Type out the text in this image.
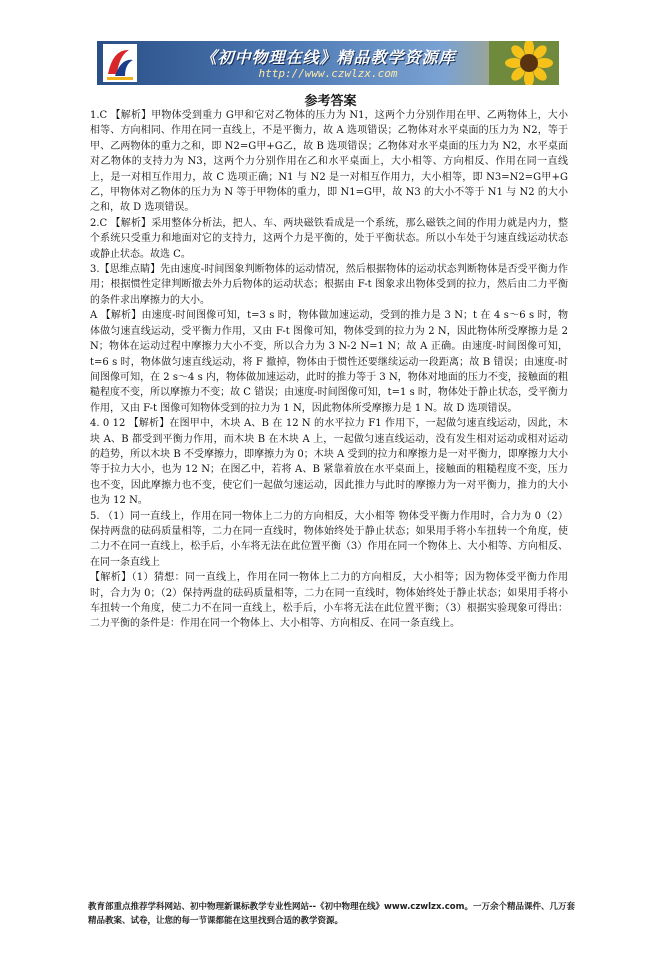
《初中物理在线》精品教学资源库
http://www.czwlzx.com
参考答案

1.C 【解析】甲物体受到重力 G甲和它对乙物体的压力为 N1，这两个力分别作用在甲、乙两物体上，大小相等、方向相同、作用在同一直线上，不是平衡力，故 A 选项错误；乙物体对水平桌面的压力为 N2，等于甲、乙两物体的重力之和，即 N2=G甲+G乙，故 B 选项错误；乙物体对水平桌面的压力为 N2，水平桌面对乙物体的支持力为 N3，这两个力分别作用在乙和水平桌面上，大小相等、方向相反、作用在同一直线上，是一对相互作用力，故 C 选项正确；N1 与 N2 是一对相互作用力，大小相等，即 N3=N2=G甲+G乙，甲物体对乙物体的压力为 N 等于甲物体的重力，即 N1=G甲，故 N3 的大小不等于 N1 与 N2 的大小之和，故 D 选项错误。

2.C 【解析】采用整体分析法，把人、车、两块磁铁看成是一个系统，那么磁铁之间的作用力就是内力，整个系统只受重力和地面对它的支持力，这两个力是平衡的，处于平衡状态。所以小车处于匀速直线运动状态或静止状态。故选 C。

3.【思维点睛】先由速度-时间图象判断物体的运动情况，然后根据物体的运动状态判断物体是否受平衡力作用；根据惯性定律判断撤去外力后物体的运动状态；根据由 F-t 图象求出物体受到的拉力，然后由二力平衡的条件求出摩擦力的大小。

A 【解析】由速度-时间图像可知，t=3 s 时，物体做加速运动，受到的推力是 3 N；t 在 4 s～6 s 时，物体做匀速直线运动，受平衡力作用，又由 F-t 图像可知，物体受到的拉力为 2 N，因此物体所受摩擦力是 2 N；物体在运动过程中摩擦力大小不变，所以合力为 3 N-2 N=1 N；故 A 正确。由速度-时间图像可知，t=6 s 时，物体做匀速直线运动，将 F 撤掉，物体由于惯性还要继续运动一段距离；故 B 错误；由速度-时间图像可知，在 2 s～4 s 内，物体做加速运动，此时的推力等于 3 N，物体对地面的压力不变，接触面的粗糙程度不变，所以摩擦力不变；故 C 错误；由速度-时间图像可知，t=1 s 时，物体处于静止状态，受平衡力作用，又由 F-t 图像可知物体受到的拉力为 1 N，因此物体所受摩擦力是 1 N。故 D 选项错误。

4. 0 12 【解析】在图甲中，木块 A、B 在 12 N 的水平拉力 F1 作用下，一起做匀速直线运动，因此，木块 A、B 都受到平衡力作用，而木块 B 在木块 A 上，一起做匀速直线运动，没有发生相对运动或相对运动的趋势，所以木块 B 不受摩擦力，即摩擦力为 0；木块 A 受到的拉力和摩擦力是一对平衡力，即摩擦力大小等于拉力大小，也为 12 N；在图乙中，若将 A、B 紧靠着放在水平桌面上，接触面的粗糙程度不变，压力也不变，因此摩擦力也不变，使它们一起做匀速运动，因此推力与此时的摩擦力为一对平衡力，推力的大小也为 12 N。

5. （1）同一直线上，作用在同一物体上二力的方向相反，大小相等 物体受平衡力作用时，合力为 0（2）保持两盘的砝码质量相等，二力在同一直线时，物体始终处于静止状态；如果用手将小车扭转一个角度，使二力不在同一直线上，松手后，小车将无法在此位置平衡（3）作用在同一个物体上、大小相等、方向相反、在同一条直线上

【解析】（1）猜想：同一直线上，作用在同一物体上二力的方向相反，大小相等；因为物体受平衡力作用时，合力为 0；（2）保持两盘的砝码质量相等，二力在同一直线时，物体始终处于静止状态；如果用手将小车扭转一个角度，使二力不在同一直线上，松手后，小车将无法在此位置平衡；（3）根据实验现象可得出：二力平衡的条件是：作用在同一个物体上、大小相等、方向相反、在同一条直线上。

教育部重点推荐学科网站、初中物理新课标教学专业性网站--《初中物理在线》www.czwlzx.com。一万余个精品课件、几万套精品教案、试卷，让您的每一节课都能在这里找到合适的教学资源。
